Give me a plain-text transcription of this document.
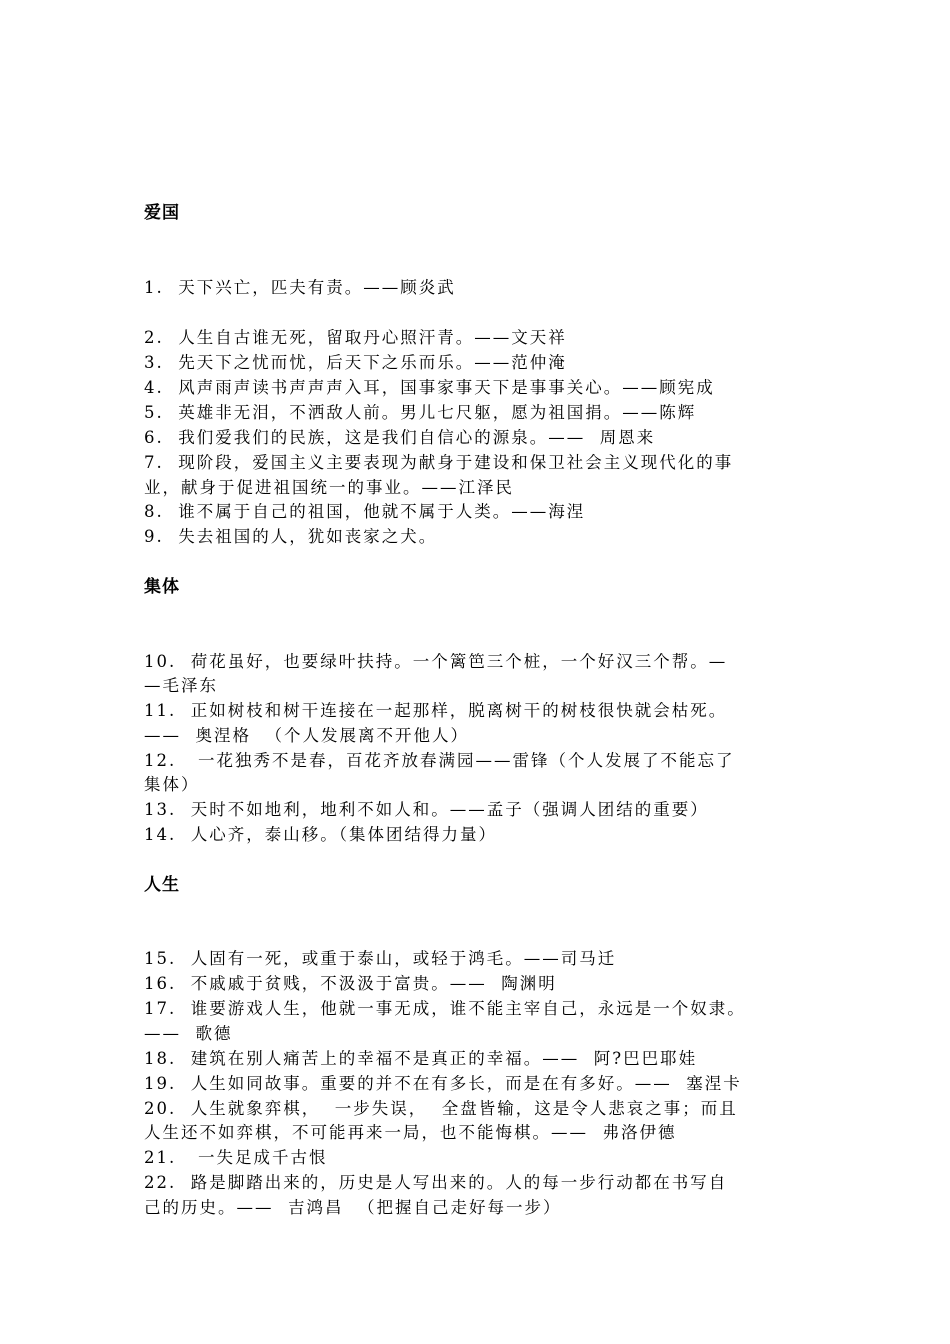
爱国
1.  天下兴亡，匹夫有责。——顾炎武
2.  人生自古谁无死，留取丹心照汗青。——文天祥
3.  先天下之忧而忧，后天下之乐而乐。——范仲淹
4.  风声雨声读书声声声入耳，国事家事天下是事事关心。——顾宪成
5.  英雄非无泪，不洒敌人前。男儿七尺躯，愿为祖国捐。——陈辉
6.  我们爱我们的民族，这是我们自信心的源泉。——  周恩来
7.  现阶段，爱国主义主要表现为献身于建设和保卫社会主义现代化的事
业，献身于促进祖国统一的事业。——江泽民
8.  谁不属于自己的祖国，他就不属于人类。——海涅
9.  失去祖国的人，犹如丧家之犬。
集体
10.  荷花虽好，也要绿叶扶持。一个篱笆三个桩，一个好汉三个帮。—
—毛泽东
11.  正如树枝和树干连接在一起那样，脱离树干的树枝很快就会枯死。
——  奥涅格  （个人发展离不开他人）
12.   一花独秀不是春，百花齐放春满园——雷锋（个人发展了不能忘了
集体）
13.  天时不如地利，地利不如人和。——孟子（强调人团结的重要）
14.  人心齐，泰山移。（集体团结得力量）
人生
15.  人固有一死，或重于泰山，或轻于鸿毛。——司马迁
16.  不戚戚于贫贱，不汲汲于富贵。——  陶渊明
17.  谁要游戏人生，他就一事无成，谁不能主宰自己，永远是一个奴隶。
——  歌德
18.  建筑在别人痛苦上的幸福不是真正的幸福。——  阿?巴巴耶娃
19.  人生如同故事。重要的并不在有多长，而是在有多好。——  塞涅卡
20.  人生就象弈棋，  一步失误，  全盘皆输，这是令人悲哀之事；而且
人生还不如弈棋，不可能再来一局，也不能悔棋。——  弗洛伊德
21.   一失足成千古恨
22.  路是脚踏出来的，历史是人写出来的。人的每一步行动都在书写自
己的历史。——  吉鸿昌  （把握自己走好每一步）
